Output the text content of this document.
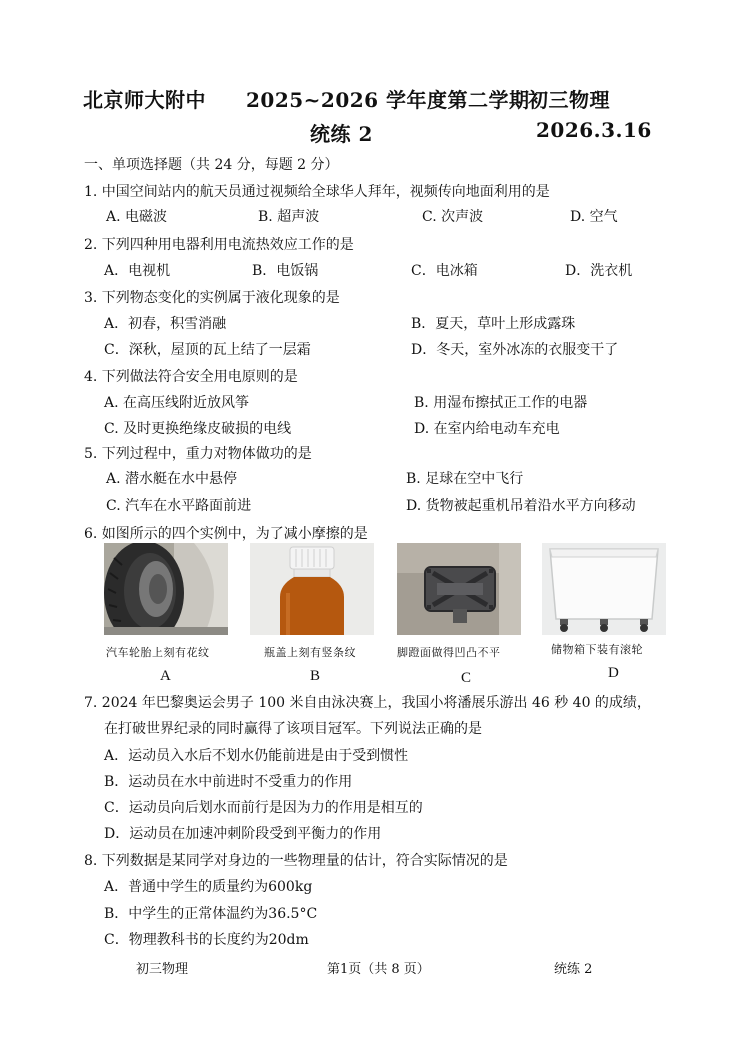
北京师大附中 2025~2026 学年度第二学期
初三物理
统练 2	2026.3.16
一、单项选择题（共 24 分，每题 2 分）
1. 中国空间站内的航天员通过视频给全球华人拜年，视频传向地面利用的是
A. 电磁波	B. 超声波	C. 次声波	D. 空气
2. 下列四种用电器利用电流热效应工作的是
A．电视机	B．电饭锅	C．电冰箱	D．洗衣机
3. 下列物态变化的实例属于液化现象的是
A．初春，积雪消融	B．夏天，草叶上形成露珠
C．深秋，屋顶的瓦上结了一层霜	D．冬天，室外冰冻的衣服变干了
4. 下列做法符合安全用电原则的是
A. 在高压线附近放风筝	B. 用湿布擦拭正工作的电器
C. 及时更换绝缘皮破损的电线	D. 在室内给电动车充电
5. 下列过程中，重力对物体做功的是
A. 潜水艇在水中悬停	B. 足球在空中飞行
C. 汽车在水平路面前进	D. 货物被起重机吊着沿水平方向移动
6. 如图所示的四个实例中，为了减小摩擦的是
汽车轮胎上刻有花纹
A
瓶盖上刻有竖条纹
B
脚蹬面做得凹凸不平
C
储物箱下装有滚轮
D
7. 2024 年巴黎奥运会男子 100 米自由泳决赛上，我国小将潘展乐游出 46 秒 40 的成绩，
在打破世界纪录的同时赢得了该项目冠军。下列说法正确的是
A．运动员入水后不划水仍能前进是由于受到惯性
B．运动员在水中前进时不受重力的作用
C．运动员向后划水而前行是因为力的作用是相互的
D．运动员在加速冲刺阶段受到平衡力的作用
8. 下列数据是某同学对身边的一些物理量的估计，符合实际情况的是
A．普通中学生的质量约为600kg
B．中学生的正常体温约为36.5°C
C．物理教科书的长度约为20dm
初三物理	第1页（共 8 页）	统练 2
